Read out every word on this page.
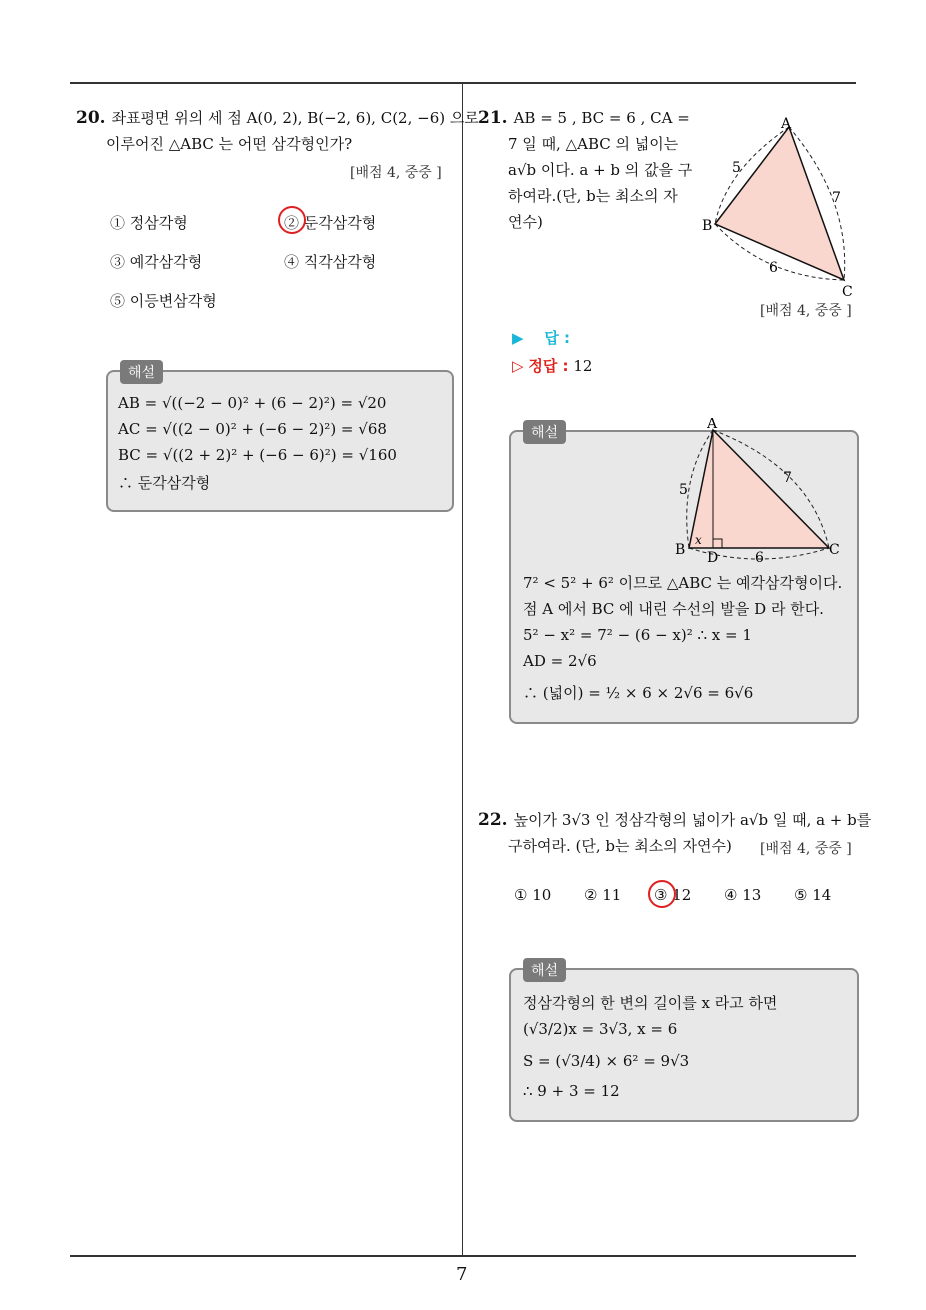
7
20. 좌표평면 위의 세 점 A(0, 2), B(−2, 6), C(2, −6) 으로
이루어진 △ABC 는 어떤 삼각형인가?
[배점 4, 중중 ]
① 정삼각형	② 둔각삼각형
③ 예각삼각형	④ 직각삼각형
⑤ 이등변삼각형
해설
AB = √((−2 − 0)² + (6 − 2)²) = √20
AC = √((2 − 0)² + (−6 − 2)²) = √68
BC = √((2 + 2)² + (−6 − 6)²) = √160
∴ 둔각삼각형
21. AB = 5 , BC = 6 , CA =
7 일 때, △ABC 의 넓이는
a√b 이다. a + b 의 값을 구
하여라.(단, b는 최소의 자
연수)
A
B
C
5
7
6
[배점 4, 중중 ]
▶ 답 :
▷ 정답 : 12
해설
A
B	C
D
5
7
6
x
7² < 5² + 6² 이므로 △ABC 는 예각삼각형이다.
점 A 에서 BC 에 내린 수선의 발을 D 라 한다.
5² − x² = 7² − (6 − x)² ∴ x = 1
AD = 2√6
∴ (넓이) = ½ × 6 × 2√6 = 6√6
22. 높이가 3√3 인 정삼각형의 넓이가 a√b 일 때, a + b를
구하여라. (단, b는 최소의 자연수) [배점 4, 중중 ]
① 10 ② 11 ③ 12 ④ 13 ⑤ 14
해설
정삼각형의 한 변의 길이를 x 라고 하면
(√3/2)x = 3√3, x = 6
S = (√3/4) × 6² = 9√3
∴ 9 + 3 = 12
